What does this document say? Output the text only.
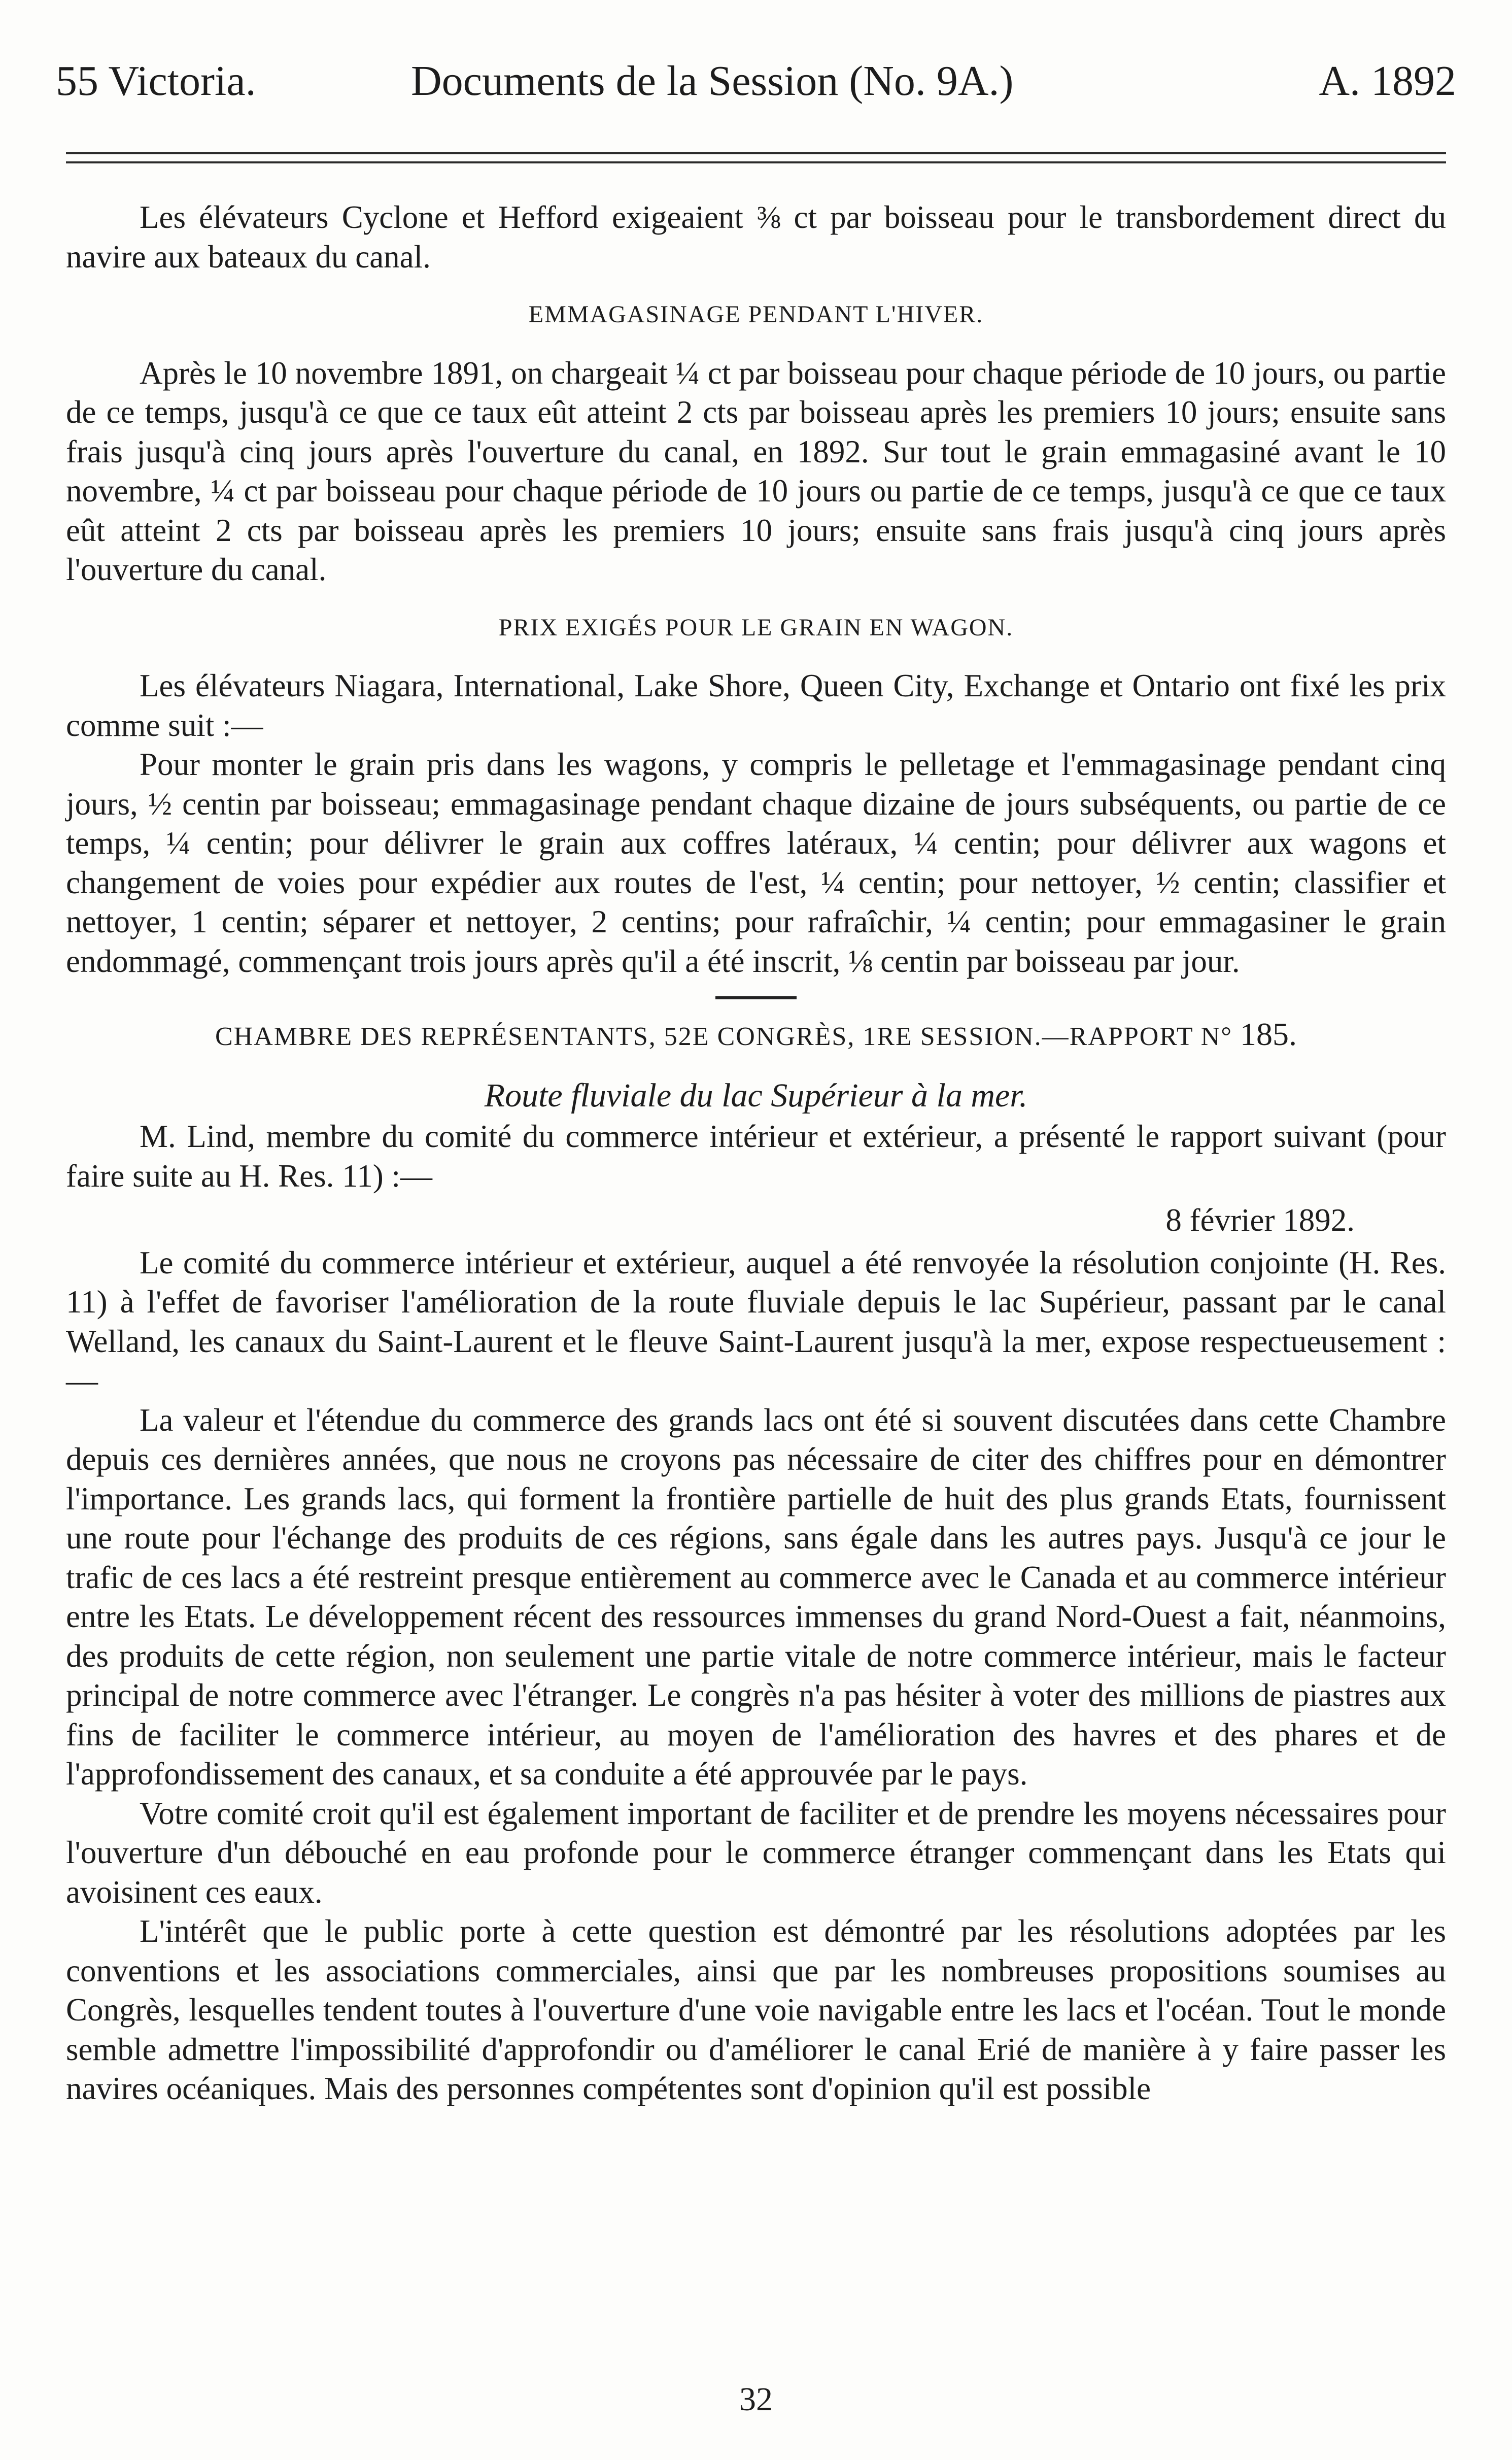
55 Victoria.	Documents de la Session (No. 9A.)	A. 1892

Les élévateurs Cyclone et Hefford exigeaient ⅜ ct par boisseau pour le transbordement direct du navire aux bateaux du canal.

EMMAGASINAGE PENDANT L'HIVER.

Après le 10 novembre 1891, on chargeait ¼ ct par boisseau pour chaque période de 10 jours, ou partie de ce temps, jusqu'à ce que ce taux eût atteint 2 cts par boisseau après les premiers 10 jours; ensuite sans frais jusqu'à cinq jours après l'ouverture du canal, en 1892. Sur tout le grain emmagasiné avant le 10 novembre, ¼ ct par boisseau pour chaque période de 10 jours ou partie de ce temps, jusqu'à ce que ce taux eût atteint 2 cts par boisseau après les premiers 10 jours; ensuite sans frais jusqu'à cinq jours après l'ouverture du canal.

PRIX EXIGÉS POUR LE GRAIN EN WAGON.

Les élévateurs Niagara, International, Lake Shore, Queen City, Exchange et Ontario ont fixé les prix comme suit :—

Pour monter le grain pris dans les wagons, y compris le pelletage et l'emmagasinage pendant cinq jours, ½ centin par boisseau; emmagasinage pendant chaque dizaine de jours subséquents, ou partie de ce temps, ¼ centin; pour délivrer le grain aux coffres latéraux, ¼ centin; pour délivrer aux wagons et changement de voies pour expédier aux routes de l'est, ¼ centin; pour nettoyer, ½ centin; classifier et nettoyer, 1 centin; séparer et nettoyer, 2 centins; pour rafraîchir, ¼ centin; pour emmagasiner le grain endommagé, commençant trois jours après qu'il a été inscrit, ⅛ centin par boisseau par jour.

CHAMBRE DES REPRÉSENTANTS, 52E CONGRÈS, 1RE SESSION.—RAPPORT N° 185.
Route fluviale du lac Supérieur à la mer.

M. Lind, membre du comité du commerce intérieur et extérieur, a présenté le rapport suivant (pour faire suite au H. Res. 11) :—

8 février 1892.

Le comité du commerce intérieur et extérieur, auquel a été renvoyée la résolution conjointe (H. Res. 11) à l'effet de favoriser l'amélioration de la route fluviale depuis le lac Supérieur, passant par le canal Welland, les canaux du Saint-Laurent et le fleuve Saint-Laurent jusqu'à la mer, expose respectueusement :—

La valeur et l'étendue du commerce des grands lacs ont été si souvent discutées dans cette Chambre depuis ces dernières années, que nous ne croyons pas nécessaire de citer des chiffres pour en démontrer l'importance. Les grands lacs, qui forment la frontière partielle de huit des plus grands Etats, fournissent une route pour l'échange des produits de ces régions, sans égale dans les autres pays. Jusqu'à ce jour le trafic de ces lacs a été restreint presque entièrement au commerce avec le Canada et au commerce intérieur entre les Etats. Le développement récent des ressources immenses du grand Nord-Ouest a fait, néanmoins, des produits de cette région, non seulement une partie vitale de notre commerce intérieur, mais le facteur principal de notre commerce avec l'étranger. Le congrès n'a pas hésiter à voter des millions de piastres aux fins de faciliter le commerce intérieur, au moyen de l'amélioration des havres et des phares et de l'approfondissement des canaux, et sa conduite a été approuvée par le pays.

Votre comité croit qu'il est également important de faciliter et de prendre les moyens nécessaires pour l'ouverture d'un débouché en eau profonde pour le commerce étranger commençant dans les Etats qui avoisinent ces eaux.

L'intérêt que le public porte à cette question est démontré par les résolutions adoptées par les conventions et les associations commerciales, ainsi que par les nombreuses propositions soumises au Congrès, lesquelles tendent toutes à l'ouverture d'une voie navigable entre les lacs et l'océan. Tout le monde semble admettre l'impossibilité d'approfondir ou d'améliorer le canal Erié de manière à y faire passer les navires océaniques. Mais des personnes compétentes sont d'opinion qu'il est possible

32
